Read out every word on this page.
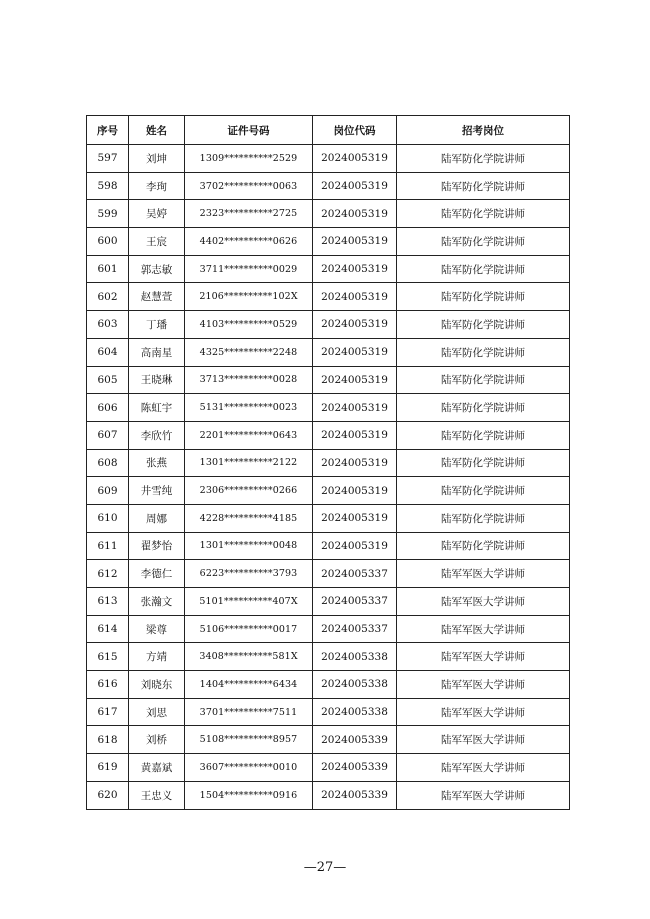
序号	姓名	证件号码	岗位代码	招考岗位
597	刘坤	1309**********2529	2024005319	陆军防化学院讲师
598	李珣	3702**********0063	2024005319	陆军防化学院讲师
599	吴婷	2323**********2725	2024005319	陆军防化学院讲师
600	王宸	4402**********0626	2024005319	陆军防化学院讲师
601	郭志敏	3711**********0029	2024005319	陆军防化学院讲师
602	赵慧萱	2106**********102X	2024005319	陆军防化学院讲师
603	丁璠	4103**********0529	2024005319	陆军防化学院讲师
604	高南星	4325**********2248	2024005319	陆军防化学院讲师
605	王晓琳	3713**********0028	2024005319	陆军防化学院讲师
606	陈虹宇	5131**********0023	2024005319	陆军防化学院讲师
607	李欣竹	2201**********0643	2024005319	陆军防化学院讲师
608	张燕	1301**********2122	2024005319	陆军防化学院讲师
609	井雪纯	2306**********0266	2024005319	陆军防化学院讲师
610	周娜	4228**********4185	2024005319	陆军防化学院讲师
611	翟梦怡	1301**********0048	2024005319	陆军防化学院讲师
612	李德仁	6223**********3793	2024005337	陆军军医大学讲师
613	张瀚文	5101**********407X	2024005337	陆军军医大学讲师
614	梁尊	5106**********0017	2024005337	陆军军医大学讲师
615	方靖	3408**********581X	2024005338	陆军军医大学讲师
616	刘晓东	1404**********6434	2024005338	陆军军医大学讲师
617	刘思	3701**********7511	2024005338	陆军军医大学讲师
618	刘桥	5108**********8957	2024005339	陆军军医大学讲师
619	黄嘉斌	3607**********0010	2024005339	陆军军医大学讲师
620	王忠义	1504**********0916	2024005339	陆军军医大学讲师
—27—
